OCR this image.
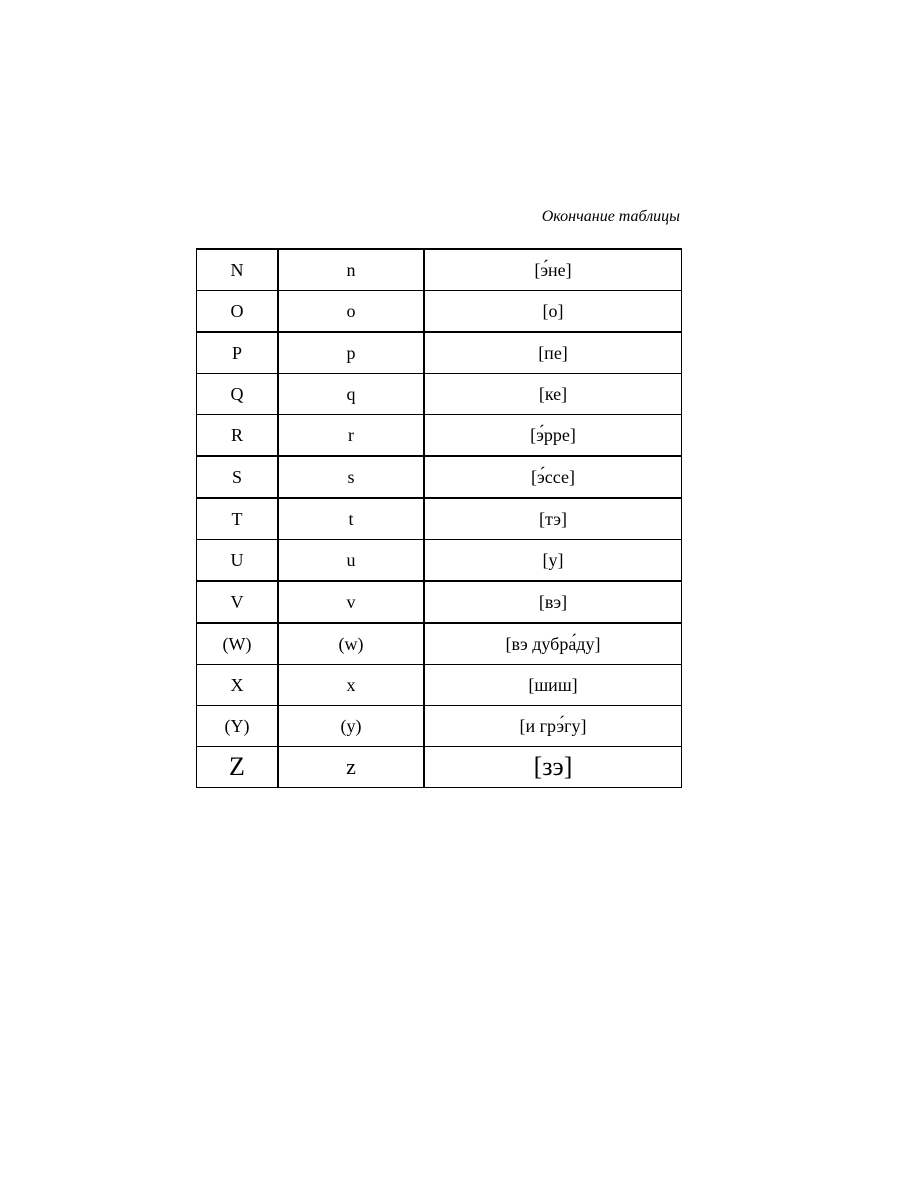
Окончание таблицы
N	n	[э́не]
O	o	[о]
P	p	[пе]
Q	q	[ке]
R	r	[э́рре]
S	s	[э́ссе]
T	t	[тэ]
U	u	[у]
V	v	[вэ]
(W)	(w)	[вэ дубра́ду]
X	x	[шиш]
(Y)	(y)	[и грэ́гу]
Z	z	[зэ]
